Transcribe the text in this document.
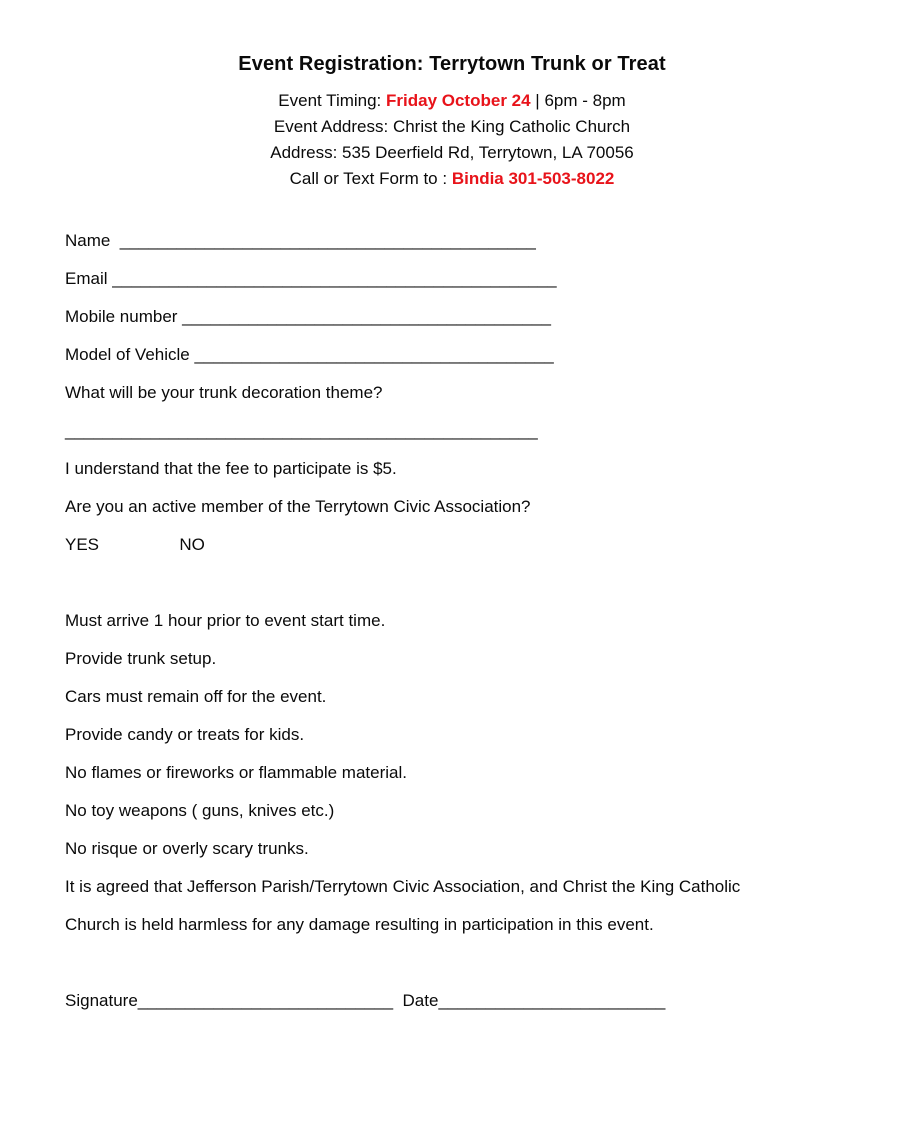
Event Registration: Terrytown Trunk or Treat
Event Timing: Friday October 24 | 6pm - 8pm
Event Address: Christ the King Catholic Church
Address: 535 Deerfield Rd, Terrytown, LA 70056
Call or Text Form to : Bindia 301-503-8022
Name  ____________________________________________
Email _______________________________________________
Mobile number _______________________________________
Model of Vehicle ______________________________________
What will be your trunk decoration theme?
__________________________________________________
I understand that the fee to participate is $5.
Are you an active member of the Terrytown Civic Association?
YES	NO
Must arrive 1 hour prior to event start time.
Provide trunk setup.
Cars must remain off for the event.
Provide candy or treats for kids.
No flames or fireworks or flammable material.
No toy weapons ( guns, knives etc.)
No risque or overly scary trunks.
It is agreed that Jefferson Parish/Terrytown Civic Association, and Christ the King Catholic
Church is held harmless for any damage resulting in participation in this event.
Signature___________________________ Date________________________
